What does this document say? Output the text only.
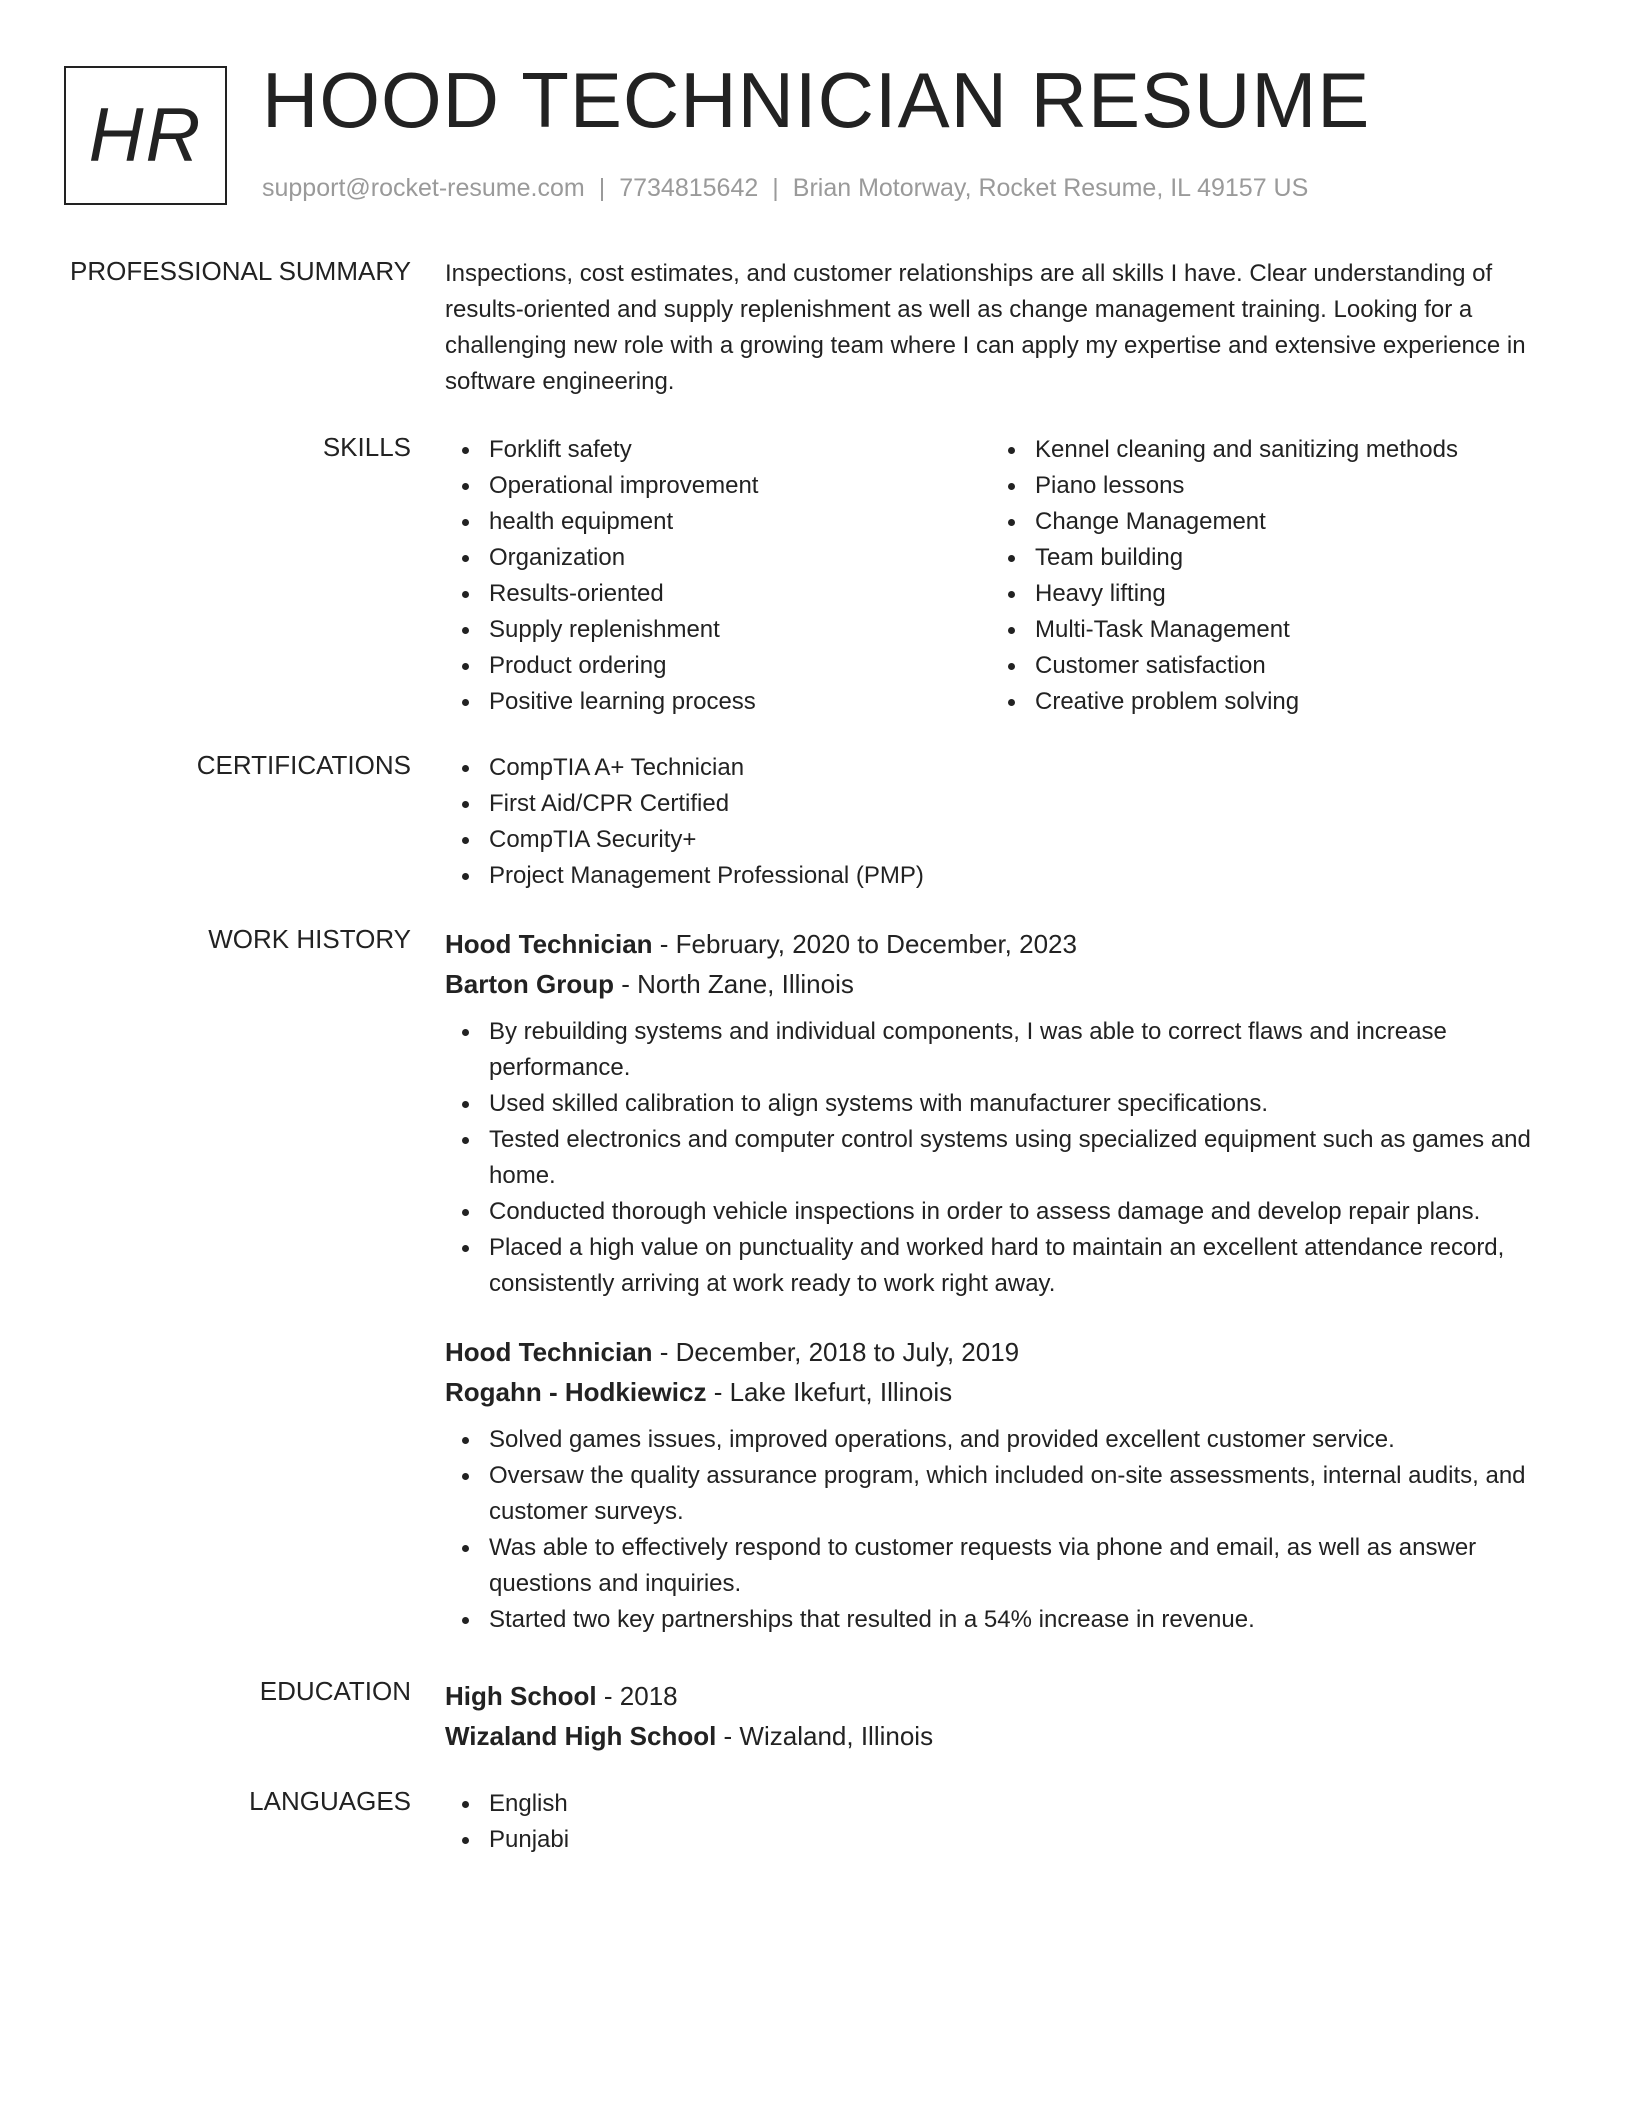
HR HOOD TECHNICIAN RESUME
support@rocket-resume.com | 7734815642 | Brian Motorway, Rocket Resume, IL 49157 US
PROFESSIONAL SUMMARY Inspections, cost estimates, and customer relationships are all skills I have. Clear understanding of results-oriented and supply replenishment as well as change management training. Looking for a challenging new role with a growing team where I can apply my expertise and extensive experience in software engineering.

SKILLS	Forklift safety
Operational improvement
health equipment
Organization
Results-oriented
Supply replenishment
Product ordering
Positive learning process
Kennel cleaning and sanitizing methods
Piano lessons
Change Management
Team building
Heavy lifting
Multi-Task Management
Customer satisfaction
Creative problem solving
CERTIFICATIONS	CompTIA A+ Technician
First Aid/CPR Certified
CompTIA Security+
Project Management Professional (PMP)
WORK HISTORY Hood Technician - February, 2020 to December, 2023
Barton Group - North Zane, Illinois
By rebuilding systems and individual components, I was able to correct flaws and increase performance.
Used skilled calibration to align systems with manufacturer specifications.
Tested electronics and computer control systems using specialized equipment such as games and home.
Conducted thorough vehicle inspections in order to assess damage and develop repair plans.
Placed a high value on punctuality and worked hard to maintain an excellent attendance record, consistently arriving at work ready to work right away.
Hood Technician - December, 2018 to July, 2019
Rogahn - Hodkiewicz - Lake Ikefurt, Illinois
Solved games issues, improved operations, and provided excellent customer service.
Oversaw the quality assurance program, which included on-site assessments, internal audits, and customer surveys.
Was able to effectively respond to customer requests via phone and email, as well as answer questions and inquiries.
Started two key partnerships that resulted in a 54% increase in revenue.
EDUCATION High School - 2018
Wizaland High School - Wizaland, Illinois
LANGUAGES	English
Punjabi
